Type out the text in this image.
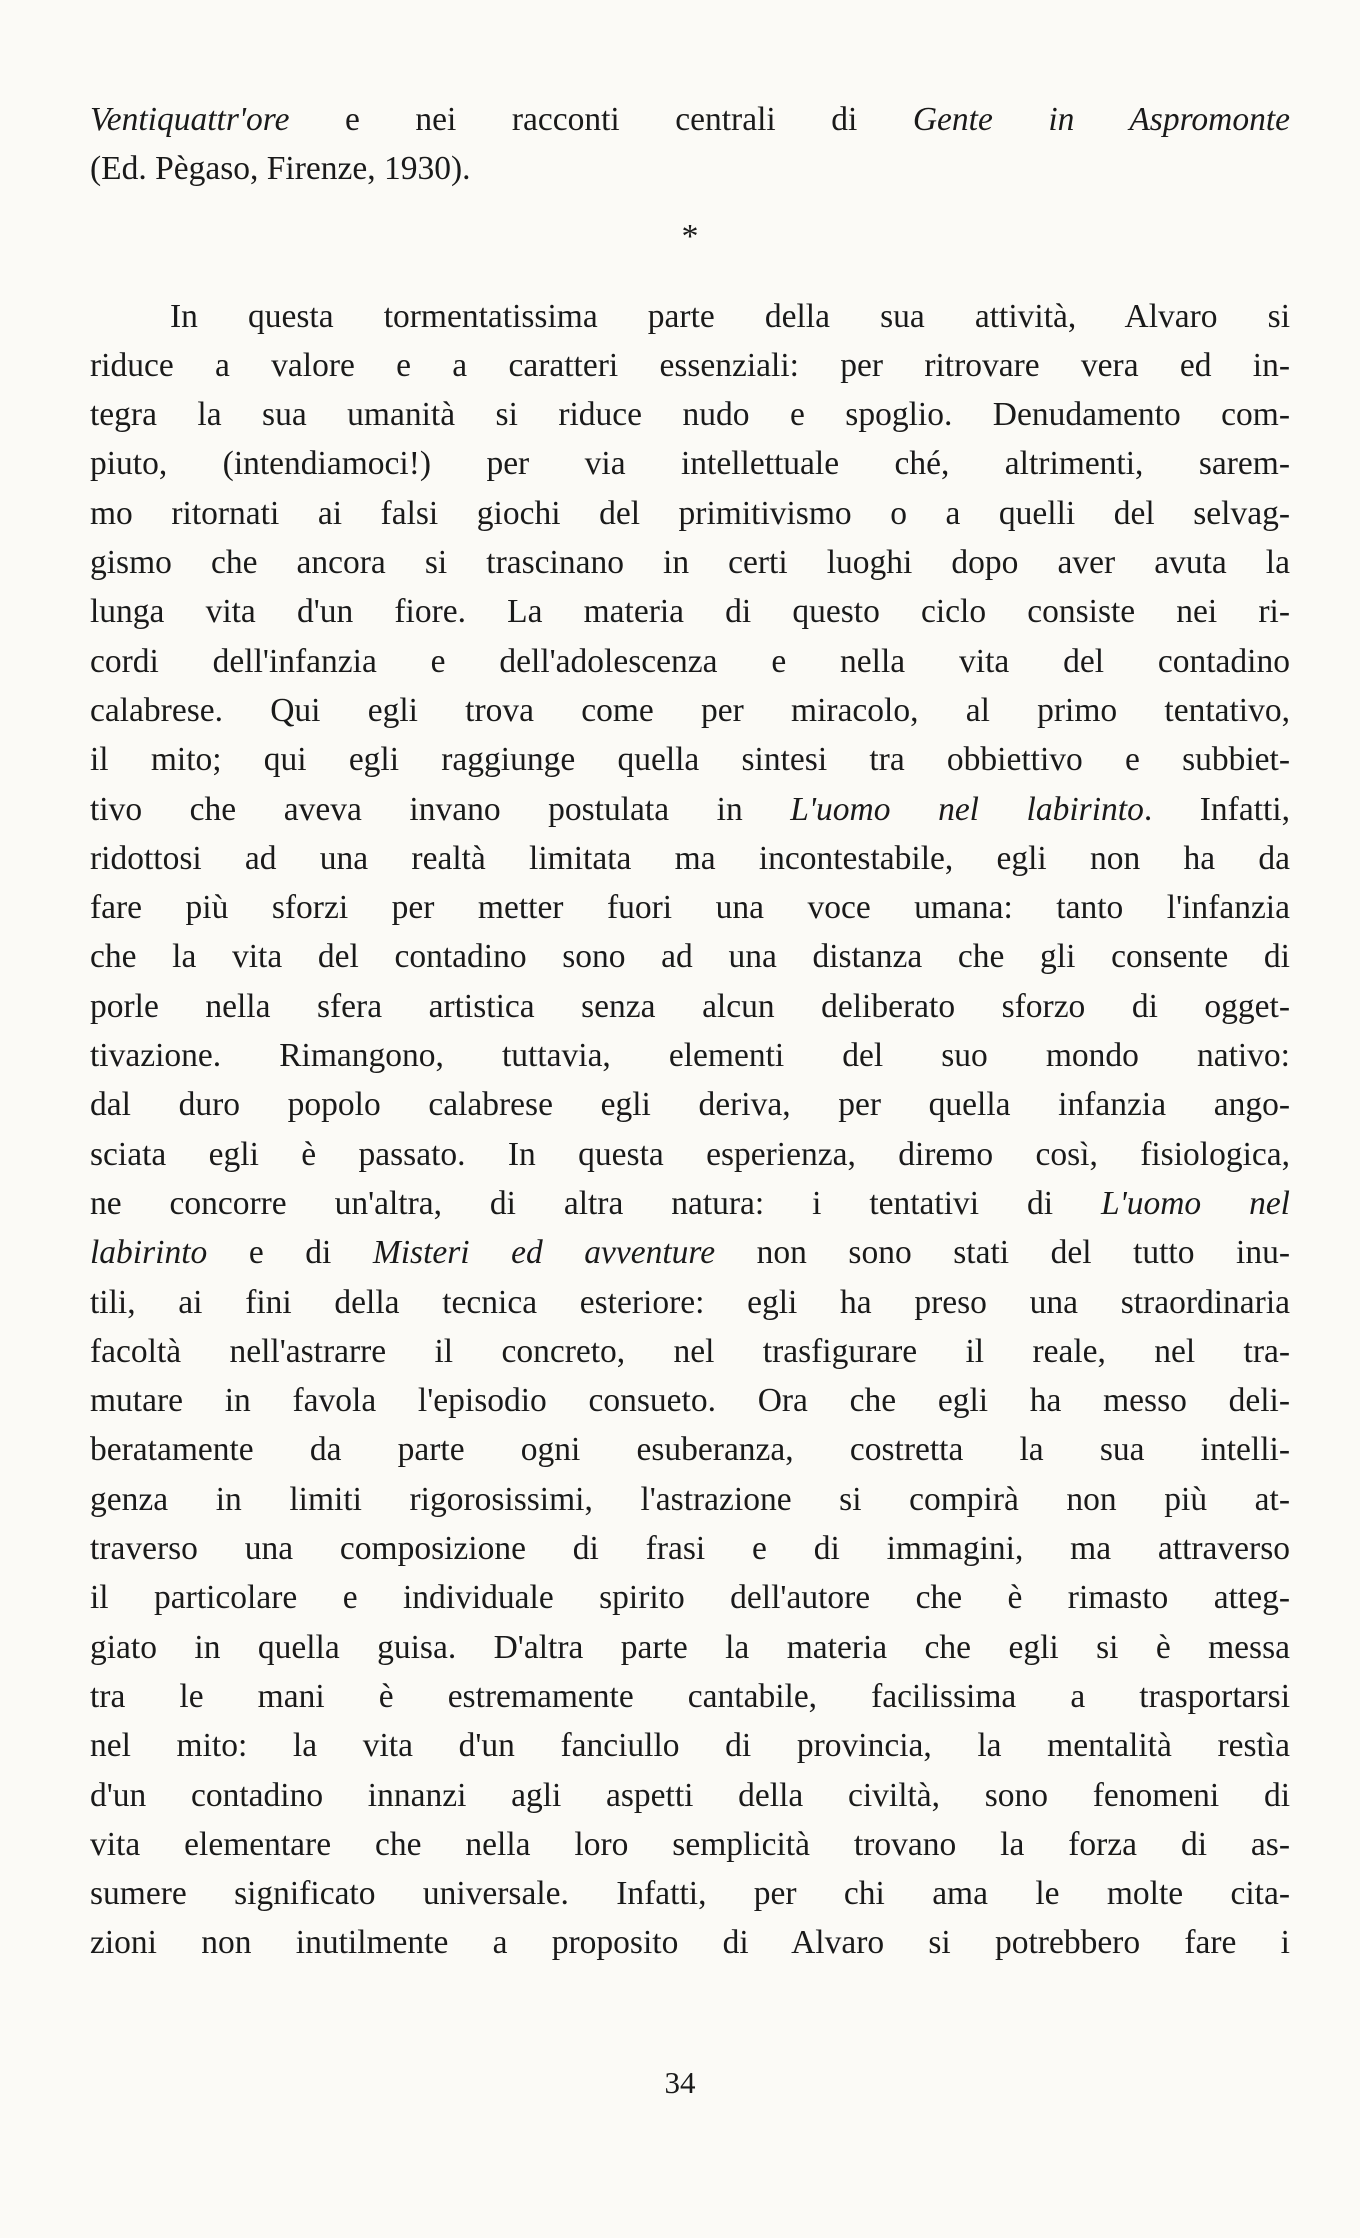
Ventiquattr'ore e nei racconti centrali di Gente in Aspromonte
(Ed. Pègaso, Firenze, 1930).
*
In questa tormentatissima parte della sua attività, Alvaro si
riduce a valore e a caratteri essenziali: per ritrovare vera ed in-
tegra la sua umanità si riduce nudo e spoglio. Denudamento com-
piuto, (intendiamoci!) per via intellettuale ché, altrimenti, sarem-
mo ritornati ai falsi giochi del primitivismo o a quelli del selvag-
gismo che ancora si trascinano in certi luoghi dopo aver avuta la
lunga vita d'un fiore. La materia di questo ciclo consiste nei ri-
cordi dell'infanzia e dell'adolescenza e nella vita del contadino
calabrese. Qui egli trova come per miracolo, al primo tentativo,
il mito; qui egli raggiunge quella sintesi tra obbiettivo e subbiet-
tivo che aveva invano postulata in L'uomo nel labirinto. Infatti,
ridottosi ad una realtà limitata ma incontestabile, egli non ha da
fare più sforzi per metter fuori una voce umana: tanto l'infanzia
che la vita del contadino sono ad una distanza che gli consente di
porle nella sfera artistica senza alcun deliberato sforzo di ogget-
tivazione. Rimangono, tuttavia, elementi del suo mondo nativo:
dal duro popolo calabrese egli deriva, per quella infanzia ango-
sciata egli è passato. In questa esperienza, diremo così, fisiologica,
ne concorre un'altra, di altra natura: i tentativi di L'uomo nel
labirinto e di Misteri ed avventure non sono stati del tutto inu-
tili, ai fini della tecnica esteriore: egli ha preso una straordinaria
facoltà nell'astrarre il concreto, nel trasfigurare il reale, nel tra-
mutare in favola l'episodio consueto. Ora che egli ha messo deli-
beratamente da parte ogni esuberanza, costretta la sua intelli-
genza in limiti rigorosissimi, l'astrazione si compirà non più at-
traverso una composizione di frasi e di immagini, ma attraverso
il particolare e individuale spirito dell'autore che è rimasto atteg-
giato in quella guisa. D'altra parte la materia che egli si è messa
tra le mani è estremamente cantabile, facilissima a trasportarsi
nel mito: la vita d'un fanciullo di provincia, la mentalità restìa
d'un contadino innanzi agli aspetti della civiltà, sono fenomeni di
vita elementare che nella loro semplicità trovano la forza di as-
sumere significato universale. Infatti, per chi ama le molte cita-
zioni non inutilmente a proposito di Alvaro si potrebbero fare i
34
